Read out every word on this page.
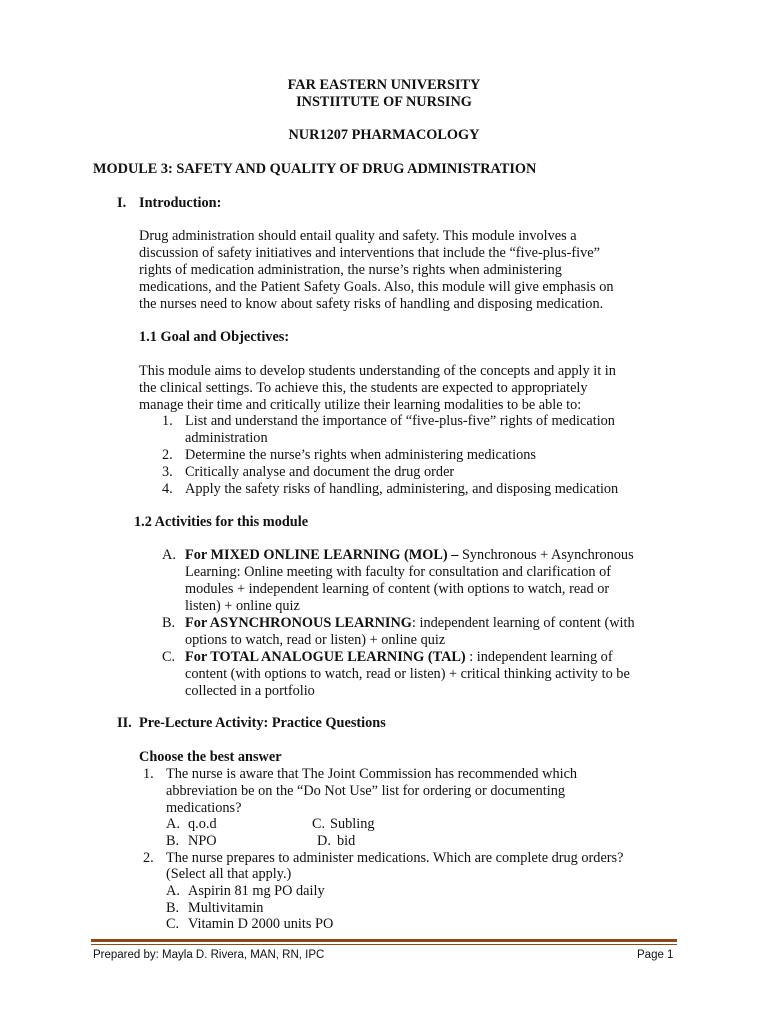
FAR EASTERN UNIVERSITY
INSTIITUTE OF NURSING
NUR1207 PHARMACOLOGY
MODULE 3: SAFETY AND QUALITY OF DRUG ADMINISTRATION
I. Introduction:
Drug administration should entail quality and safety. This module involves a
discussion of safety initiatives and interventions that include the “five-plus-five”
rights of medication administration, the nurse’s rights when administering
medications, and the Patient Safety Goals. Also, this module will give emphasis on
the nurses need to know about safety risks of handling and disposing medication.
1.1 Goal and Objectives:
This module aims to develop students understanding of the concepts and apply it in
the clinical settings. To achieve this, the students are expected to appropriately
manage their time and critically utilize their learning modalities to be able to:
1. List and understand the importance of “five-plus-five” rights of medication
administration
2. Determine the nurse’s rights when administering medications
3. Critically analyse and document the drug order
4. Apply the safety risks of handling, administering, and disposing medication
1.2 Activities for this module
A. For MIXED ONLINE LEARNING (MOL) – Synchronous + Asynchronous
Learning: Online meeting with faculty for consultation and clarification of
modules + independent learning of content (with options to watch, read or
listen) + online quiz
B. For ASYNCHRONOUS LEARNING: independent learning of content (with
options to watch, read or listen) + online quiz
C. For TOTAL ANALOGUE LEARNING (TAL) : independent learning of
content (with options to watch, read or listen) + critical thinking activity to be
collected in a portfolio
II. Pre-Lecture Activity: Practice Questions
Choose the best answer
1. The nurse is aware that The Joint Commission has recommended which
abbreviation be on the “Do Not Use” list for ordering or documenting
medications?
A. q.o.d	C. Subling
B. NPO	D. bid
2. The nurse prepares to administer medications. Which are complete drug orders?
(Select all that apply.)
A. Aspirin 81 mg PO daily
B. Multivitamin
C. Vitamin D 2000 units PO
Prepared by: Mayla D. Rivera, MAN, RN, IPC	Page 1
